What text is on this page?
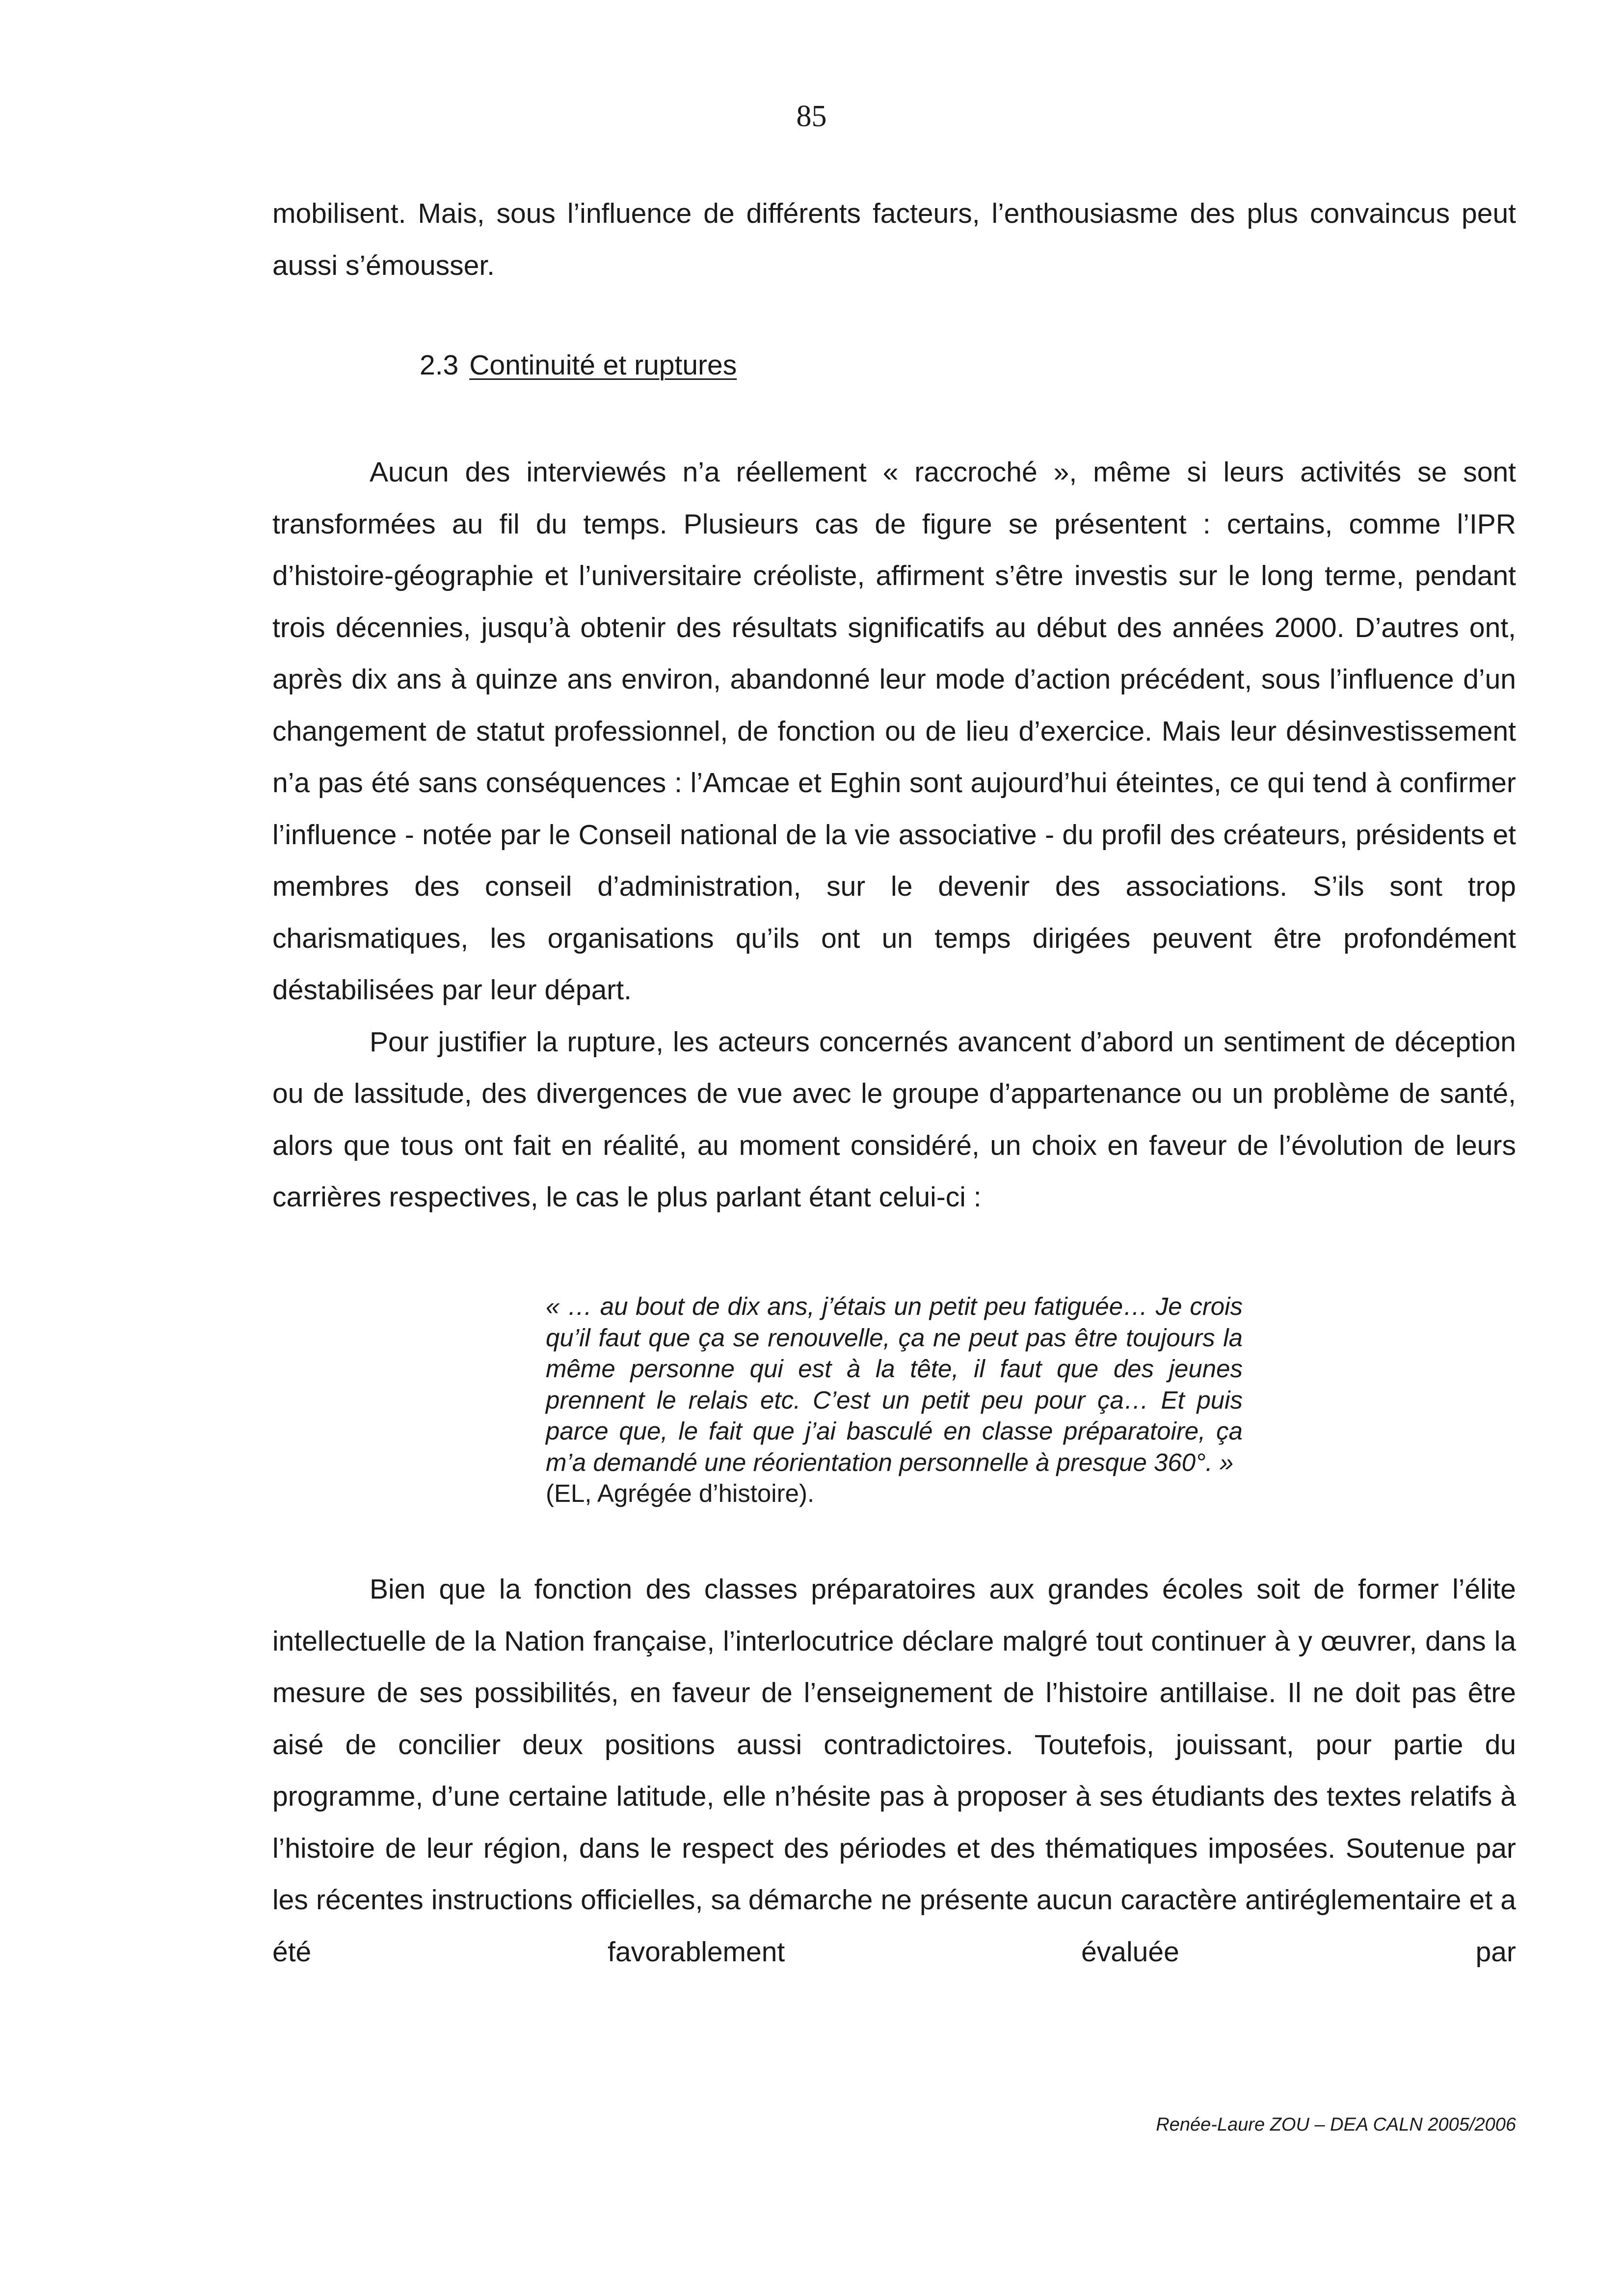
85

mobilisent. Mais, sous l’influence de différents facteurs, l’enthousiasme des plus convaincus peut aussi s’émousser.

2.3 Continuité et ruptures

Aucun des interviewés n’a réellement « raccroché », même si leurs activités se sont transformées au fil du temps. Plusieurs cas de figure se présentent : certains, comme l’IPR d’histoire-géographie et l’universitaire créoliste, affirment s’être investis sur le long terme, pendant trois décennies, jusqu’à obtenir des résultats significatifs au début des années 2000. D’autres ont, après dix ans à quinze ans environ, abandonné leur mode d’action précédent, sous l’influence d’un changement de statut professionnel, de fonction ou de lieu d’exercice. Mais leur désinvestissement n’a pas été sans conséquences : l’Amcae et Eghin sont aujourd’hui éteintes, ce qui tend à confirmer l’influence - notée par le Conseil national de la vie associative - du profil des créateurs, présidents et membres des conseil d’administration, sur le devenir des associations. S’ils sont trop charismatiques, les organisations qu’ils ont un temps dirigées peuvent être profondément déstabilisées par leur départ.

Pour justifier la rupture, les acteurs concernés avancent d’abord un sentiment de déception ou de lassitude, des divergences de vue avec le groupe d’appartenance ou un problème de santé, alors que tous ont fait en réalité, au moment considéré, un choix en faveur de l’évolution de leurs carrières respectives, le cas le plus parlant étant celui-ci :

« … au bout de dix ans, j’étais un petit peu fatiguée… Je crois qu’il faut que ça se renouvelle, ça ne peut pas être toujours la même personne qui est à la tête, il faut que des jeunes prennent le relais etc. C’est un petit peu pour ça… Et puis parce que, le fait que j’ai basculé en classe préparatoire, ça m’a demandé une réorientation personnelle à presque 360°. »

(EL, Agrégée d’histoire).

Bien que la fonction des classes préparatoires aux grandes écoles soit de former l’élite intellectuelle de la Nation française, l’interlocutrice déclare malgré tout continuer à y œuvrer, dans la mesure de ses possibilités, en faveur de l’enseignement de l’histoire antillaise. Il ne doit pas être aisé de concilier deux positions aussi contradictoires. Toutefois, jouissant, pour partie du programme, d’une certaine latitude, elle n’hésite pas à proposer à ses étudiants des textes relatifs à l’histoire de leur région, dans le respect des périodes et des thématiques imposées. Soutenue par les récentes instructions officielles, sa démarche ne présente aucun caractère antiréglementaire et a été favorablement évaluée par

Renée-Laure ZOU – DEA CALN 2005/2006
